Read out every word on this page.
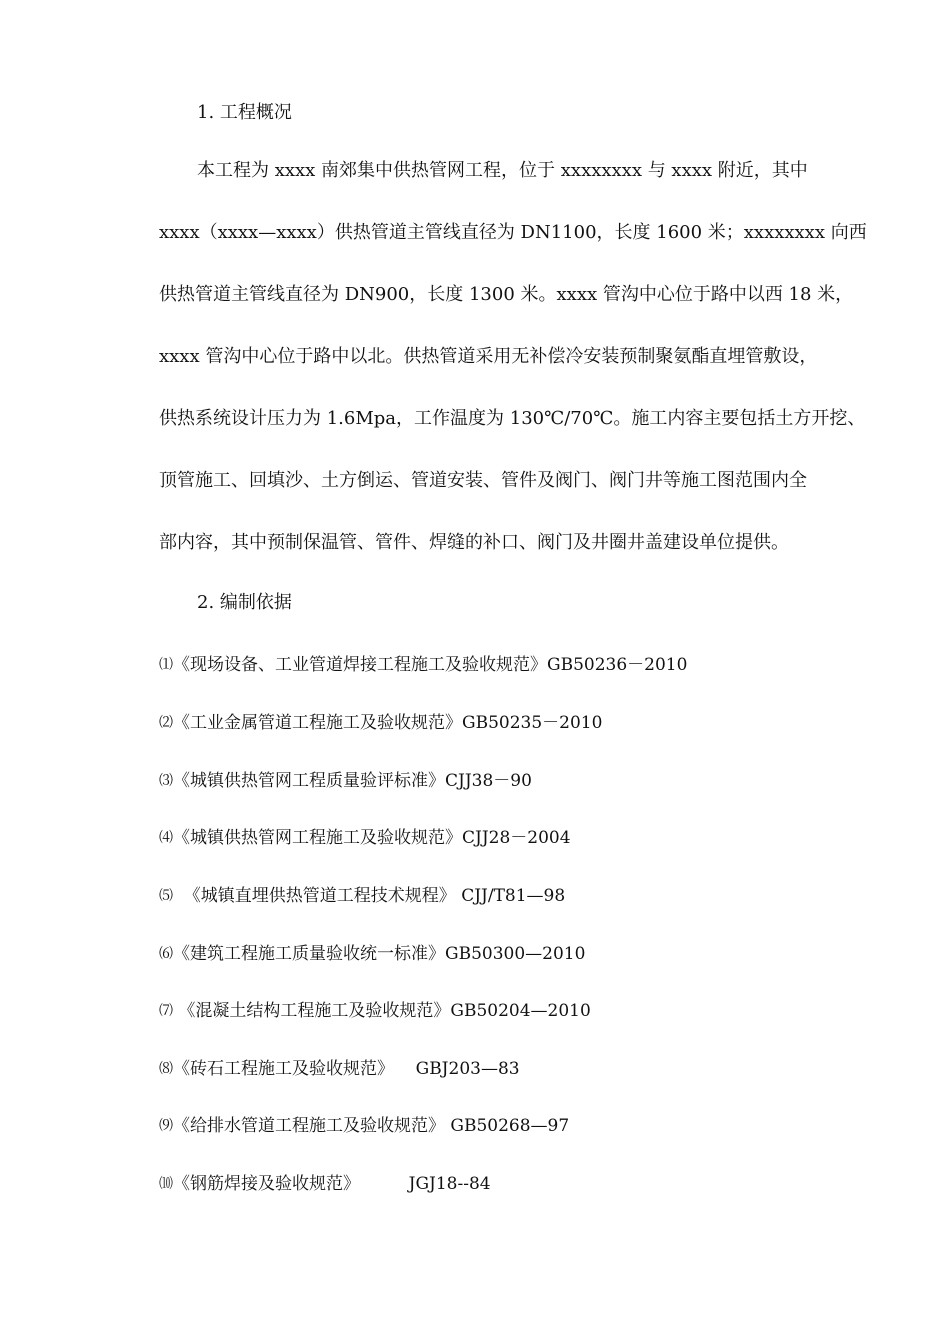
1. 工程概况
本工程为 xxxx 南郊集中供热管网工程，位于 xxxxxxxx 与 xxxx 附近，其中
xxxx（xxxx—xxxx）供热管道主管线直径为 DN1100，长度 1600 米；xxxxxxxx 向西
供热管道主管线直径为 DN900，长度 1300 米。xxxx 管沟中心位于路中以西 18 米，
xxxx 管沟中心位于路中以北。供热管道采用无补偿冷安装预制聚氨酯直埋管敷设，
供热系统设计压力为 1.6Mpa，工作温度为 130℃/70℃。施工内容主要包括土方开挖、
顶管施工、回填沙、土方倒运、管道安装、管件及阀门、阀门井等施工图范围内全
部内容，其中预制保温管、管件、焊缝的补口、阀门及井圈井盖建设单位提供。
2. 编制依据
⑴《现场设备、工业管道焊接工程施工及验收规范》GB50236－2010
⑵《工业金属管道工程施工及验收规范》GB50235－2010
⑶《城镇供热管网工程质量验评标准》CJJ38－90
⑷《城镇供热管网工程施工及验收规范》CJJ28－2004
⑸  《城镇直埋供热管道工程技术规程》 CJJ/T81—98
⑹《建筑工程施工质量验收统一标准》GB50300—2010
⑺ 《混凝土结构工程施工及验收规范》GB50204—2010
⑻《砖石工程施工及验收规范》    GBJ203—83
⑼《给排水管道工程施工及验收规范》 GB50268—97
⑽《钢筋焊接及验收规范》         JGJ18--84
